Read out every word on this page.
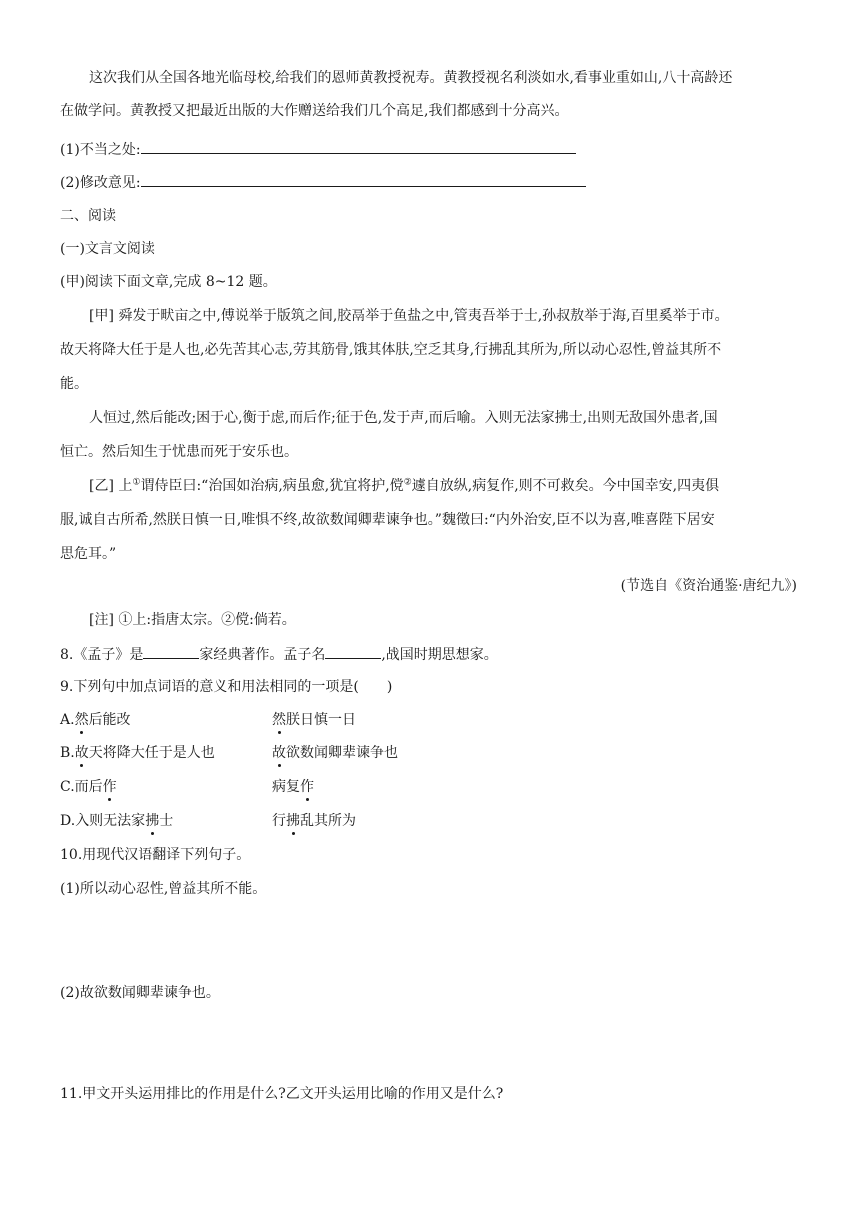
这次我们从全国各地光临母校,给我们的恩师黄教授祝寿。黄教授视名利淡如水,看事业重如山,八十高龄还
在做学问。黄教授又把最近出版的大作赠送给我们几个高足,我们都感到十分高兴。
(1)不当之处:
(2)修改意见:
二、阅读
(一)文言文阅读
(甲)阅读下面文章,完成 8~12 题。
[甲] 舜发于畎亩之中,傅说举于版筑之间,胶鬲举于鱼盐之中,管夷吾举于士,孙叔敖举于海,百里奚举于市。
故天将降大任于是人也,必先苦其心志,劳其筋骨,饿其体肤,空乏其身,行拂乱其所为,所以动心忍性,曾益其所不
能。
人恒过,然后能改;困于心,衡于虑,而后作;征于色,发于声,而后喻。入则无法家拂士,出则无敌国外患者,国
恒亡。然后知生于忧患而死于安乐也。
[乙] 上①谓侍臣曰:“治国如治病,病虽愈,犹宜将护,傥②遽自放纵,病复作,则不可救矣。今中国幸安,四夷俱
服,诚自古所希,然朕日慎一日,唯惧不终,故欲数闻卿辈谏争也。”魏徵曰:“内外治安,臣不以为喜,唯喜陛下居安
思危耳。”
(节选自《资治通鉴·唐纪九》)
[注] ①上:指唐太宗。②傥:倘若。
8.《孟子》是	家经典著作。孟子名	,战国时期思想家。
9.下列句中加点词语的意义和用法相同的一项是(　　)
A.然后能改	然朕日慎一日
B.故天将降大任于是人也	故欲数闻卿辈谏争也
C.而后作	病复作
D.入则无法家拂士	行拂乱其所为
10.用现代汉语翻译下列句子。
(1)所以动心忍性,曾益其所不能。
(2)故欲数闻卿辈谏争也。
11.甲文开头运用排比的作用是什么?乙文开头运用比喻的作用又是什么?
